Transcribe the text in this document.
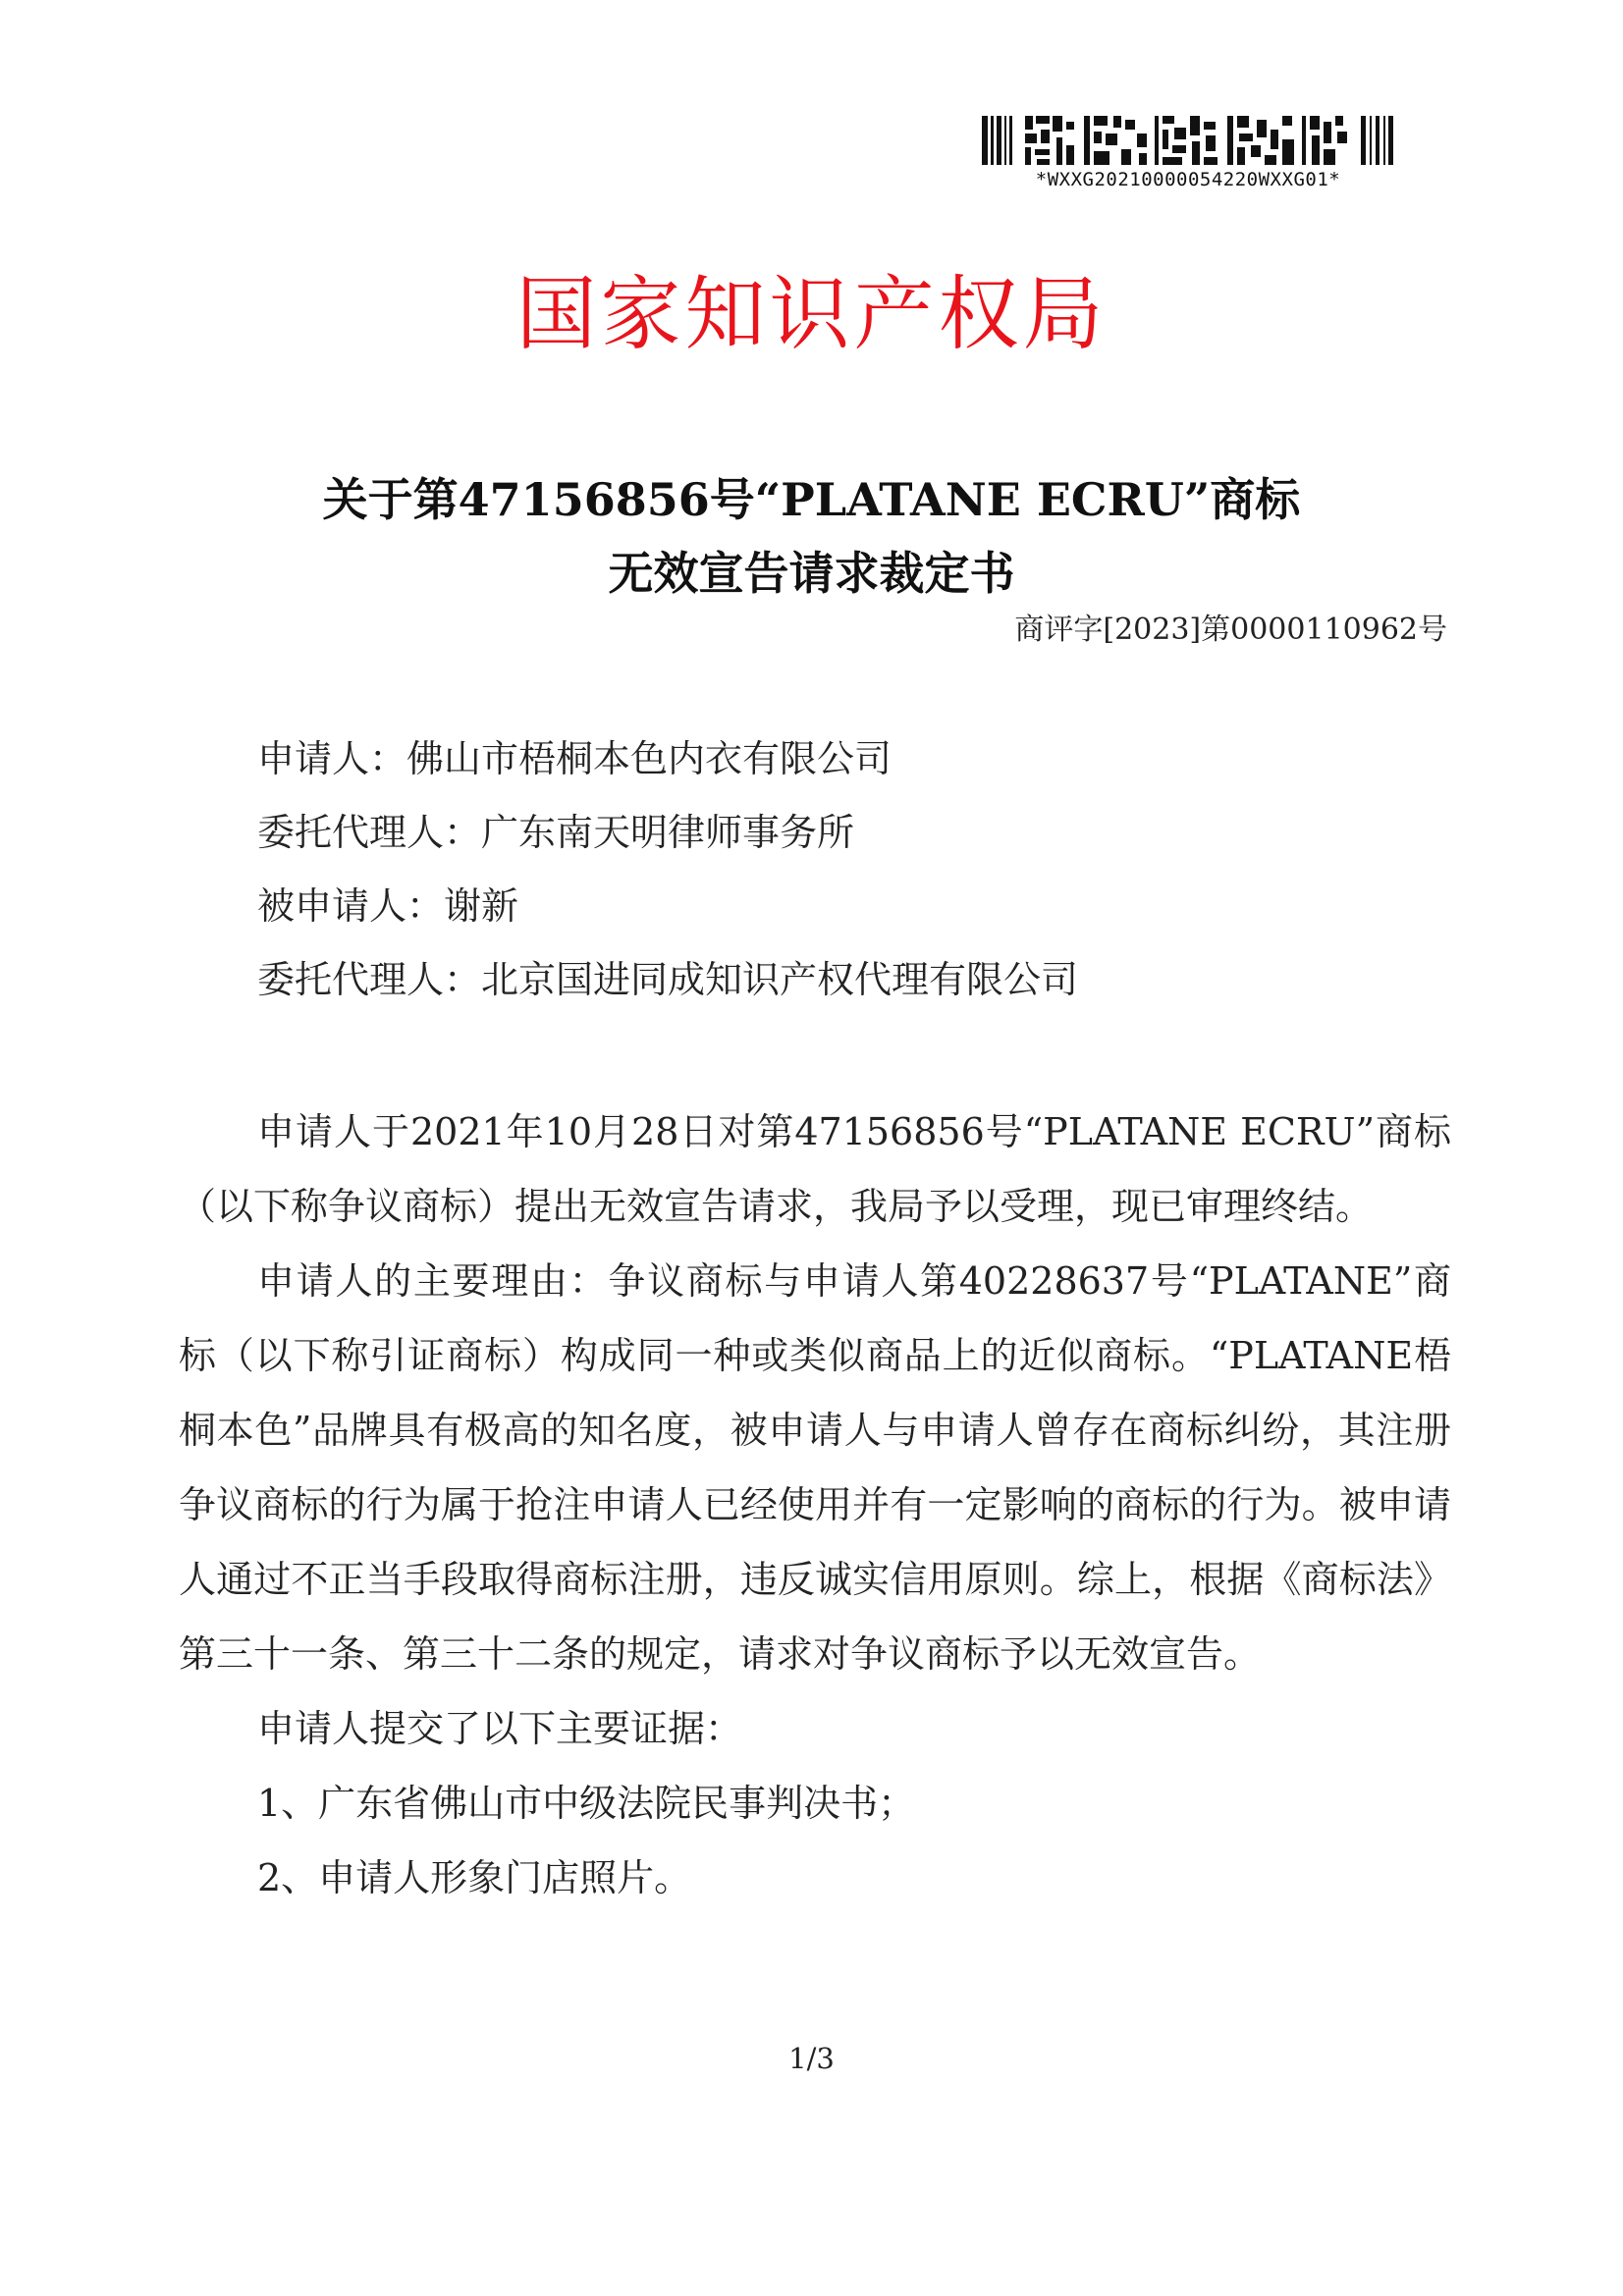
*WXXG20210000054220WXXG01*
国家知识产权局
关于第47156856号“PLATANE ECRU”商标
无效宣告请求裁定书
商评字[2023]第0000110962号
申请人：佛山市梧桐本色内衣有限公司
委托代理人：广东南天明律师事务所
被申请人：谢新
委托代理人：北京国进同成知识产权代理有限公司

申请人于2021年10月28日对第47156856号“PLATANE ECRU”商标（以下称争议商标）提出无效宣告请求，我局予以受理，现已审理终结。

申请人的主要理由：争议商标与申请人第40228637号“PLATANE”商标（以下称引证商标）构成同一种或类似商品上的近似商标。“PLATANE梧桐本色”品牌具有极高的知名度，被申请人与申请人曾存在商标纠纷，其注册争议商标的行为属于抢注申请人已经使用并有一定影响的商标的行为。被申请人通过不正当手段取得商标注册，违反诚实信用原则。综上，根据《商标法》第三十一条、第三十二条的规定，请求对争议商标予以无效宣告。

申请人提交了以下主要证据：

1、广东省佛山市中级法院民事判决书；

2、申请人形象门店照片。

1/3
